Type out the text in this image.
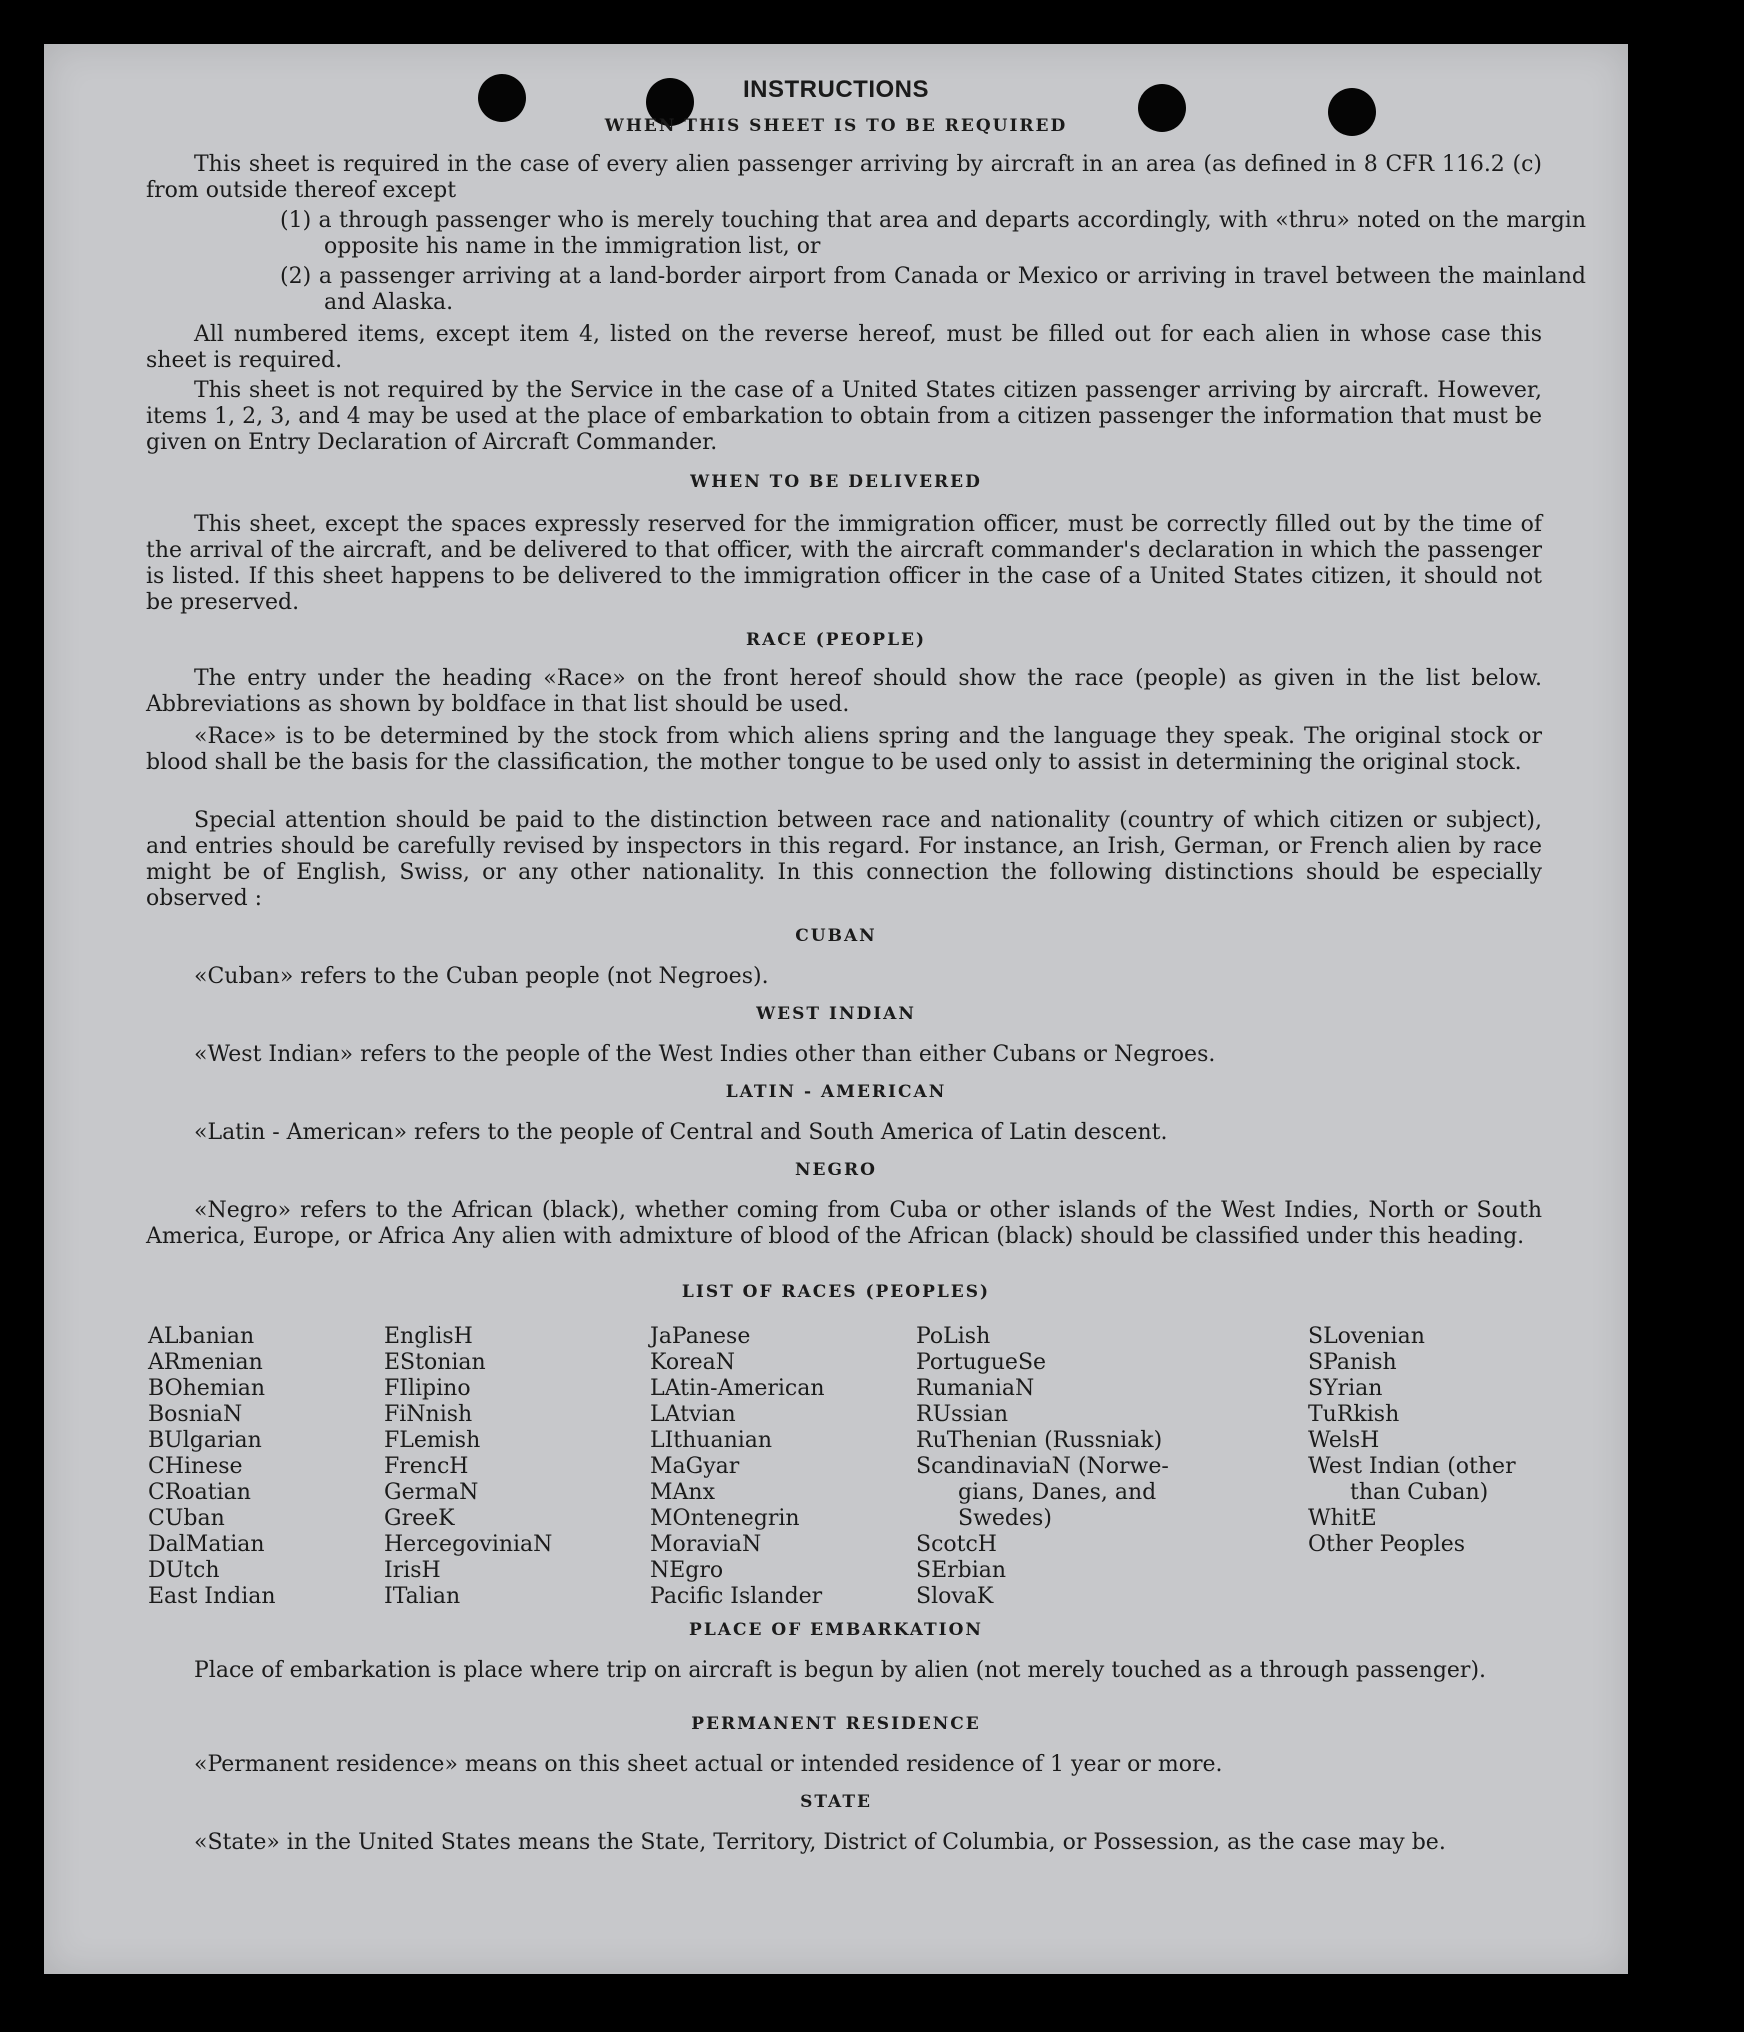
INSTRUCTIONS
WHEN THIS SHEET IS TO BE REQUIRED
This sheet is required in the case of every alien passenger arriving by aircraft in an area (as defined in 8 CFR 116.2 (c) from outside thereof except
(1) a through passenger who is merely touching that area and departs accordingly, with «thru» noted on the margin opposite his name in the immigration list, or
(2) a passenger arriving at a land-border airport from Canada or Mexico or arriving in travel between the mainland and Alaska.
All numbered items, except item 4, listed on the reverse hereof, must be filled out for each alien in whose case this sheet is required.
This sheet is not required by the Service in the case of a United States citizen passenger arriving by aircraft. However, items 1, 2, 3, and 4 may be used at the place of embarkation to obtain from a citizen passenger the information that must be given on Entry Declaration of Aircraft Commander.
WHEN TO BE DELIVERED
This sheet, except the spaces expressly reserved for the immigration officer, must be correctly filled out by the time of the arrival of the aircraft, and be delivered to that officer, with the aircraft commander's declaration in which the passenger is listed. If this sheet happens to be delivered to the immigration officer in the case of a United States citizen, it should not be preserved.
RACE (PEOPLE)
The entry under the heading «Race» on the front hereof should show the race (people) as given in the list below. Abbreviations as shown by boldface in that list should be used.
«Race» is to be determined by the stock from which aliens spring and the language they speak. The original stock or blood shall be the basis for the classification, the mother tongue to be used only to assist in determining the original stock.
Special attention should be paid to the distinction between race and nationality (country of which citizen or subject), and entries should be carefully revised by inspectors in this regard. For instance, an Irish, German, or French alien by race might be of English, Swiss, or any other nationality. In this connection the following distinctions should be especially observed :
CUBAN
«Cuban» refers to the Cuban people (not Negroes).
WEST INDIAN
«West Indian» refers to the people of the West Indies other than either Cubans or Negroes.
LATIN - AMERICAN
«Latin - American» refers to the people of Central and South America of Latin descent.
NEGRO
«Negro» refers to the African (black), whether coming from Cuba or other islands of the West Indies, North or South America, Europe, or Africa Any alien with admixture of blood of the African (black) should be classified under this heading.
LIST OF RACES (PEOPLES)
ALbanian
ARmenian
BOhemian
BosniaN
BUlgarian
CHinese
CRoatian
CUban
DalMatian
DUtch
East Indian
EnglisH
EStonian
FIlipino
FiNnish
FLemish
FrencH
GermaN
GreeK
HercegoviniaN
IrisH
ITalian
JaPanese
KoreaN
LAtin-American
LAtvian
LIthuanian
MaGyar
MAnx
MOntenegrin
MoraviaN
NEgro
Pacific Islander
PoLish
PortugueSe
RumaniaN
RUssian
RuThenian (Russniak)
ScandinaviaN (Norwe-
gians, Danes, and
Swedes)
ScotcH
SErbian
SlovaK
SLovenian
SPanish
SYrian
TuRkish
WelsH
West Indian (other
than Cuban)
WhitE
Other Peoples
PLACE OF EMBARKATION
Place of embarkation is place where trip on aircraft is begun by alien (not merely touched as a through passenger).
PERMANENT RESIDENCE
«Permanent residence» means on this sheet actual or intended residence of 1 year or more.
STATE
«State» in the United States means the State, Territory, District of Columbia, or Possession, as the case may be.
